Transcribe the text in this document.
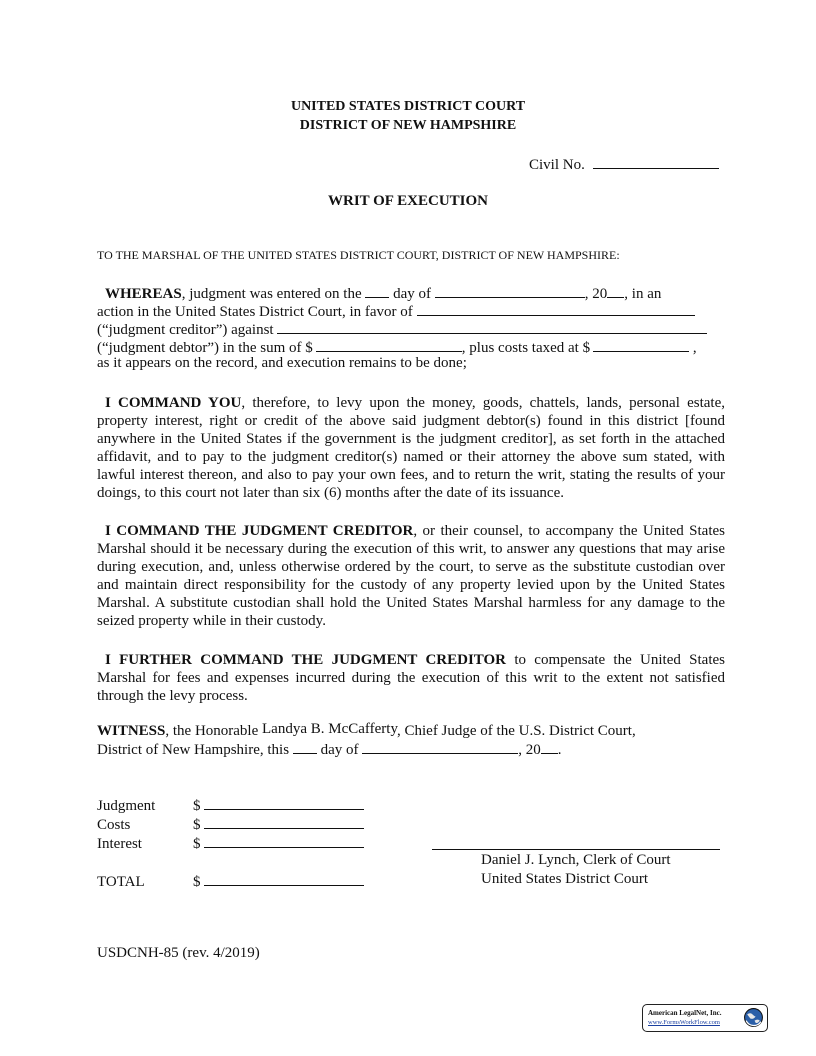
UNITED STATES DISTRICT COURT
DISTRICT OF NEW HAMPSHIRE
Civil No.
WRIT OF EXECUTION
TO THE MARSHAL OF THE UNITED STATES DISTRICT COURT, DISTRICT OF NEW HAMPSHIRE:
WHEREAS, judgment was entered on the day of	, 20 , in an
action in the United States District Court, in favor of
(“judgment creditor”) against
(“judgment debtor”) in the sum of $	, plus costs taxed at $	,
as it appears on the record, and execution remains to be done;
I COMMAND YOU, therefore, to levy upon the money, goods, chattels, lands, personal estate, property interest, right or credit of the above said judgment debtor(s) found in this district [found anywhere in the United States if the government is the judgment creditor], as set forth in the attached affidavit, and to pay to the judgment creditor(s) named or their attorney the above sum stated, with lawful interest thereon, and also to pay your own fees, and to return the writ, stating the results of your doings, to this court not later than six (6) months after the date of its issuance.
I COMMAND THE JUDGMENT CREDITOR, or their counsel, to accompany the United States Marshal should it be necessary during the execution of this writ, to answer any questions that may arise during execution, and, unless otherwise ordered by the court, to serve as the substitute custodian over and maintain direct responsibility for the custody of any property levied upon by the United States Marshal. A substitute custodian shall hold the United States Marshal harmless for any damage to the seized property while in their custody.
I FURTHER COMMAND THE JUDGMENT CREDITOR to compensate the United States Marshal for fees and expenses incurred during the execution of this writ to the extent not satisfied through the levy process.
WITNESS, the Honorable Landya B. McCafferty, Chief Judge of the U.S. District Court,
District of New Hampshire, this day of	, 20 .
Judgment	$
Costs	$
Interest	$
TOTAL	$
Daniel J. Lynch, Clerk of Court
United States District Court
USDCNH-85 (rev. 4/2019)
American LegalNet, Inc.
www.FormsWorkFlow.com
